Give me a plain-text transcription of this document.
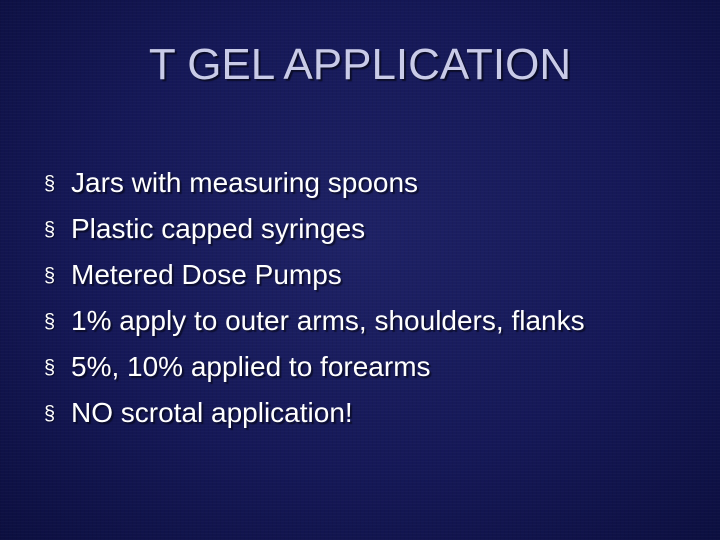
T GEL APPLICATION
§ Jars with measuring spoons
§ Plastic capped syringes
§ Metered Dose Pumps
§ 1% apply to outer arms, shoulders, flanks
§ 5%, 10% applied to forearms
§ NO scrotal application!
